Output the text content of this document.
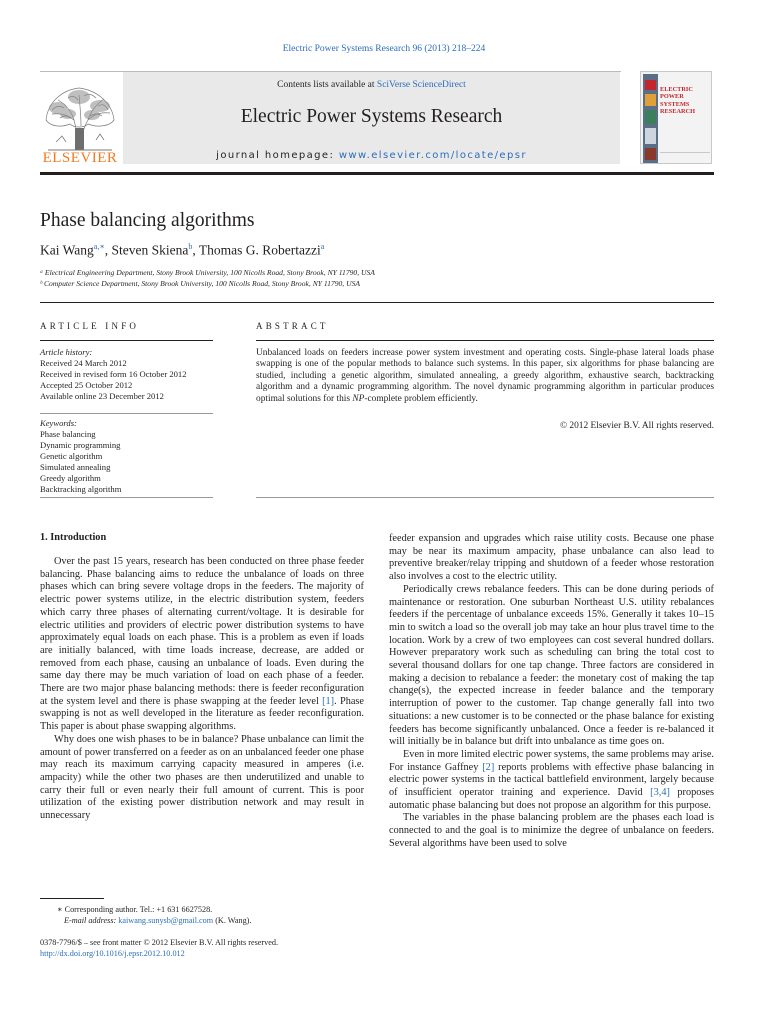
Electric Power Systems Research 96 (2013) 218–224
Contents lists available at SciVerse ScienceDirect
Electric Power Systems Research
journal homepage: www.elsevier.com/locate/epsr
ELSEVIER
ELECTRIC POWER
SYSTEMS RESEARCH
Phase balancing algorithms
Kai Wang$^{a,∗}$, Steven Skiena$^b$, Thomas G. Robertazzi$^a$
ᵃ Electrical Engineering Department, Stony Brook University, 100 Nicolls Road, Stony Brook, NY 11790, USA
ᵇ Computer Science Department, Stony Brook University, 100 Nicolls Road, Stony Brook, NY 11790, USA
ARTICLE INFO	ABSTRACT
Article history:
Received 24 March 2012
Received in revised form 16 October 2012
Accepted 25 October 2012
Available online 23 December 2012
Keywords:
Phase balancing
Dynamic programming
Genetic algorithm
Simulated annealing
Greedy algorithm
Backtracking algorithm
Unbalanced loads on feeders increase power system investment and operating costs. Single-phase lateral loads phase swapping is one of the popular methods to balance such systems. In this paper, six algorithms for phase balancing are studied, including a genetic algorithm, simulated annealing, a greedy algorithm, exhaustive search, backtracking algorithm and a dynamic programming algorithm. The novel dynamic programming algorithm in particular produces optimal solutions for this NP-complete problem efficiently.
© 2012 Elsevier B.V. All rights reserved.
1. Introduction

Over the past 15 years, research has been conducted on three phase feeder balancing. Phase balancing aims to reduce the unbalance of loads on three phases which can bring severe voltage drops in the feeders. The majority of electric power systems utilize, in the electric distribution system, feeders which carry three phases of alternating current/voltage. It is desirable for electric utilities and providers of electric power distribution systems to have approximately equal loads on each phase. This is a problem as even if loads are initially balanced, with time loads increase, decrease, are added or removed from each phase, causing an unbalance of loads. Even during the same day there may be much variation of load on each phase of a feeder. There are two major phase balancing methods: there is feeder reconfiguration at the system level and there is phase swapping at the feeder level [1]. Phase swapping is not as well developed in the literature as feeder reconfiguration. This paper is about phase swapping algorithms.

Why does one wish phases to be in balance? Phase unbalance can limit the amount of power transferred on a feeder as on an unbalanced feeder one phase may reach its maximum carrying capacity measured in amperes (i.e. ampacity) while the other two phases are then underutilized and unable to carry their full or even nearly their full amount of current. This is poor utilization of the existing power distribution network and may result in unnecessary

feeder expansion and upgrades which raise utility costs. Because one phase may be near its maximum ampacity, phase unbalance can also lead to preventive breaker/relay tripping and shutdown of a feeder whose restoration also involves a cost to the electric utility.

Periodically crews rebalance feeders. This can be done during periods of maintenance or restoration. One suburban Northeast U.S. utility rebalances feeders if the percentage of unbalance exceeds 15%. Generally it takes 10–15 min to switch a load so the overall job may take an hour plus travel time to the location. Work by a crew of two employees can cost several hundred dollars. However preparatory work such as scheduling can bring the total cost to several thousand dollars for one tap change. Three factors are considered in making a decision to rebalance a feeder: the monetary cost of making the tap change(s), the expected increase in feeder balance and the temporary interruption of power to the customer. Tap change generally fall into two situations: a new customer is to be connected or the phase balance for existing feeders has become significantly unbalanced. Once a feeder is re-balanced it will initially be in balance but drift into unbalance as time goes on.

Even in more limited electric power systems, the same problems may arise. For instance Gaffney [2] reports problems with effective phase balancing in electric power systems in the tactical battlefield environment, largely because of insufficient operator training and experience. David [3,4] proposes automatic phase balancing but does not propose an algorithm for this purpose.

The variables in the phase balancing problem are the phases each load is connected to and the goal is to minimize the degree of unbalance on feeders. Several algorithms have been used to solve

∗ Corresponding author. Tel.: +1 631 6627528.
E-mail address: kaiwang.sunysb@gmail.com (K. Wang).
0378-7796/$ – see front matter © 2012 Elsevier B.V. All rights reserved.
http://dx.doi.org/10.1016/j.epsr.2012.10.012
